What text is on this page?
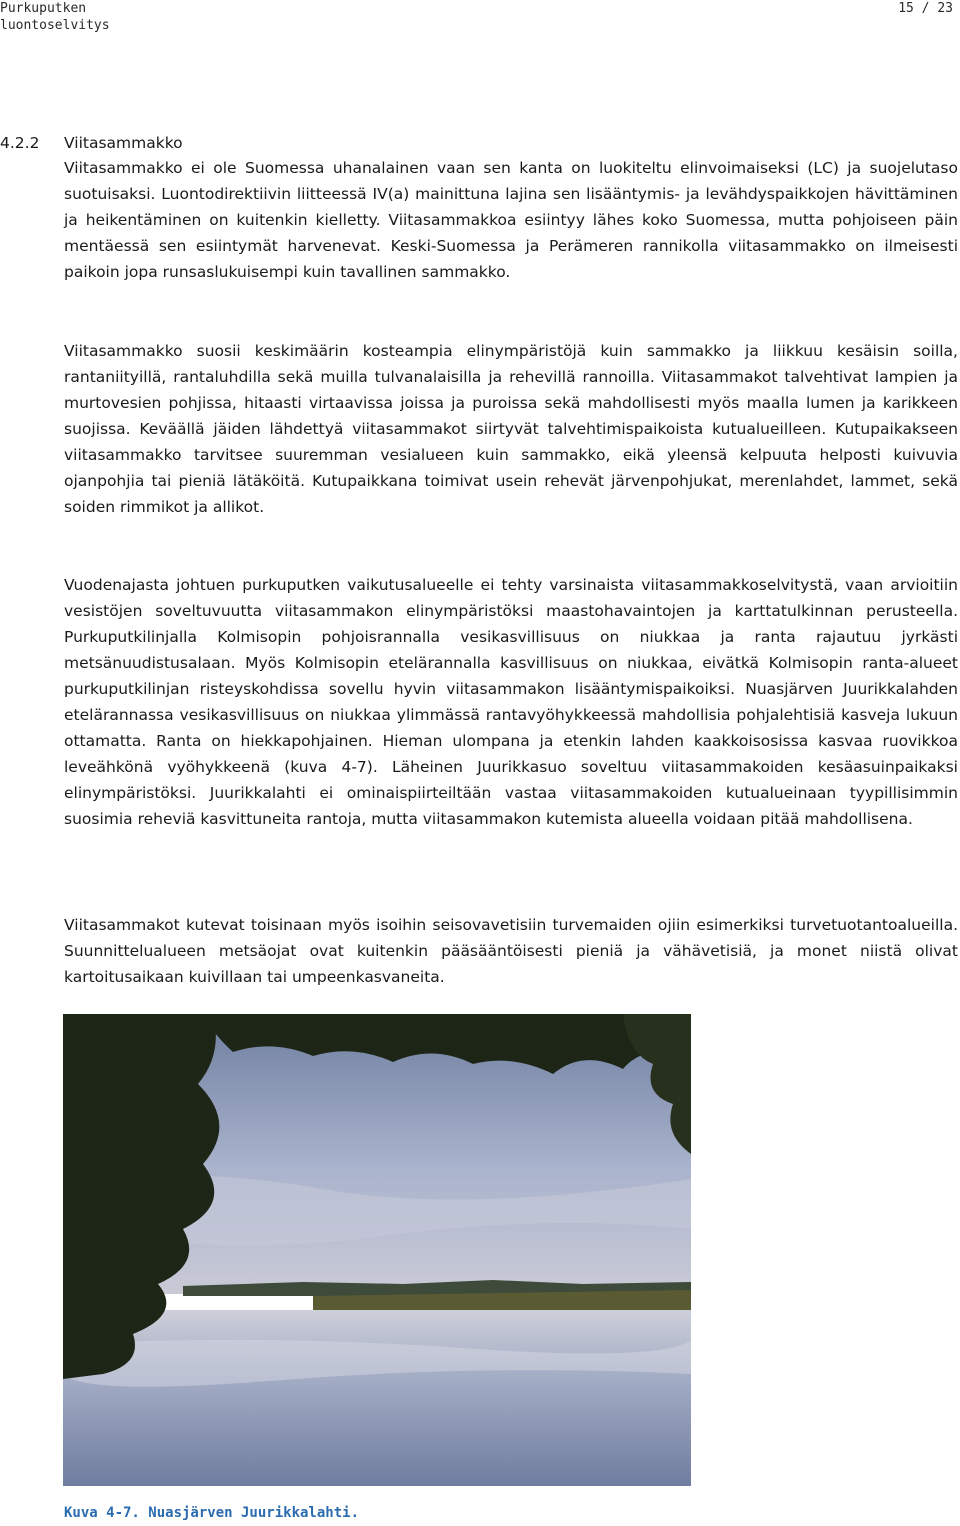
Purkuputken
luontoselvitys
15 / 23
4.2.2 Viitasammakko

Viitasammakko ei ole Suomessa uhanalainen vaan sen kanta on luokiteltu elinvoimaiseksi (LC) ja suojelutaso suotuisaksi. Luontodirektiivin liitteessä IV(a) mainittuna lajina sen lisääntymis- ja levähdyspaikkojen hävittäminen ja heikentäminen on kuitenkin kielletty. Viitasammakkoa esiintyy lähes koko Suomessa, mutta pohjoiseen päin mentäessä sen esiintymät harvenevat. Keski-Suomessa ja Perämeren rannikolla viitasammakko on ilmeisesti paikoin jopa runsaslukuisempi kuin tavallinen sammakko.

Viitasammakko suosii keskimäärin kosteampia elinympäristöjä kuin sammakko ja liikkuu kesäisin soilla, rantaniityillä, rantaluhdilla sekä muilla tulvanalaisilla ja rehevillä rannoilla. Viitasammakot talvehtivat lampien ja murtovesien pohjissa, hitaasti virtaavissa joissa ja puroissa sekä mahdollisesti myös maalla lumen ja karikkeen suojissa. Keväällä jäiden lähdettyä viitasammakot siirtyvät talvehtimispaikoista kutualueilleen. Kutupaikakseen viitasammakko tarvitsee suuremman vesialueen kuin sammakko, eikä yleensä kelpuuta helposti kuivuvia ojanpohjia tai pieniä lätäköitä. Kutupaikkana toimivat usein rehevät järvenpohjukat, merenlahdet, lammet, sekä soiden rimmikot ja allikot.

Vuodenajasta johtuen purkuputken vaikutusalueelle ei tehty varsinaista viitasammakkoselvitystä, vaan arvioitiin vesistöjen soveltuvuutta viitasammakon elinympäristöksi maastohavaintojen ja karttatulkinnan perusteella. Purkuputkilinjalla Kolmisopin pohjoisrannalla vesikasvillisuus on niukkaa ja ranta rajautuu jyrkästi metsänuudistusalaan. Myös Kolmisopin etelärannalla kasvillisuus on niukkaa, eivätkä Kolmisopin ranta-alueet purkuputkilinjan risteyskohdissa sovellu hyvin viitasammakon lisääntymispaikoiksi. Nuasjärven Juurikkalahden etelärannassa vesikasvillisuus on niukkaa ylimmässä rantavyöhykkeessä mahdollisia pohjalehtisiä kasveja lukuun ottamatta. Ranta on hiekkapohjainen. Hieman ulompana ja etenkin lahden kaakkoisosissa kasvaa ruovikkoa leveähkönä vyöhykkeenä (kuva 4-7). Läheinen Juurikkasuo soveltuu viitasammakoiden kesäasuinpaikaksi elinympäristöksi. Juurikkalahti ei ominaispiirteiltään vastaa viitasammakoiden kutualueinaan tyypillisimmin suosimia reheviä kasvittuneita rantoja, mutta viitasammakon kutemista alueella voidaan pitää mahdollisena.

Viitasammakot kutevat toisinaan myös isoihin seisovavetisiin turvemaiden ojiin esimerkiksi turvetuotantoalueilla. Suunnittelualueen metsäojat ovat kuitenkin pääsääntöisesti pieniä ja vähävetisiä, ja monet niistä olivat kartoitusaikaan kuivillaan tai umpeenkasvaneita.

Kuva 4-7. Nuasjärven Juurikkalahti.
